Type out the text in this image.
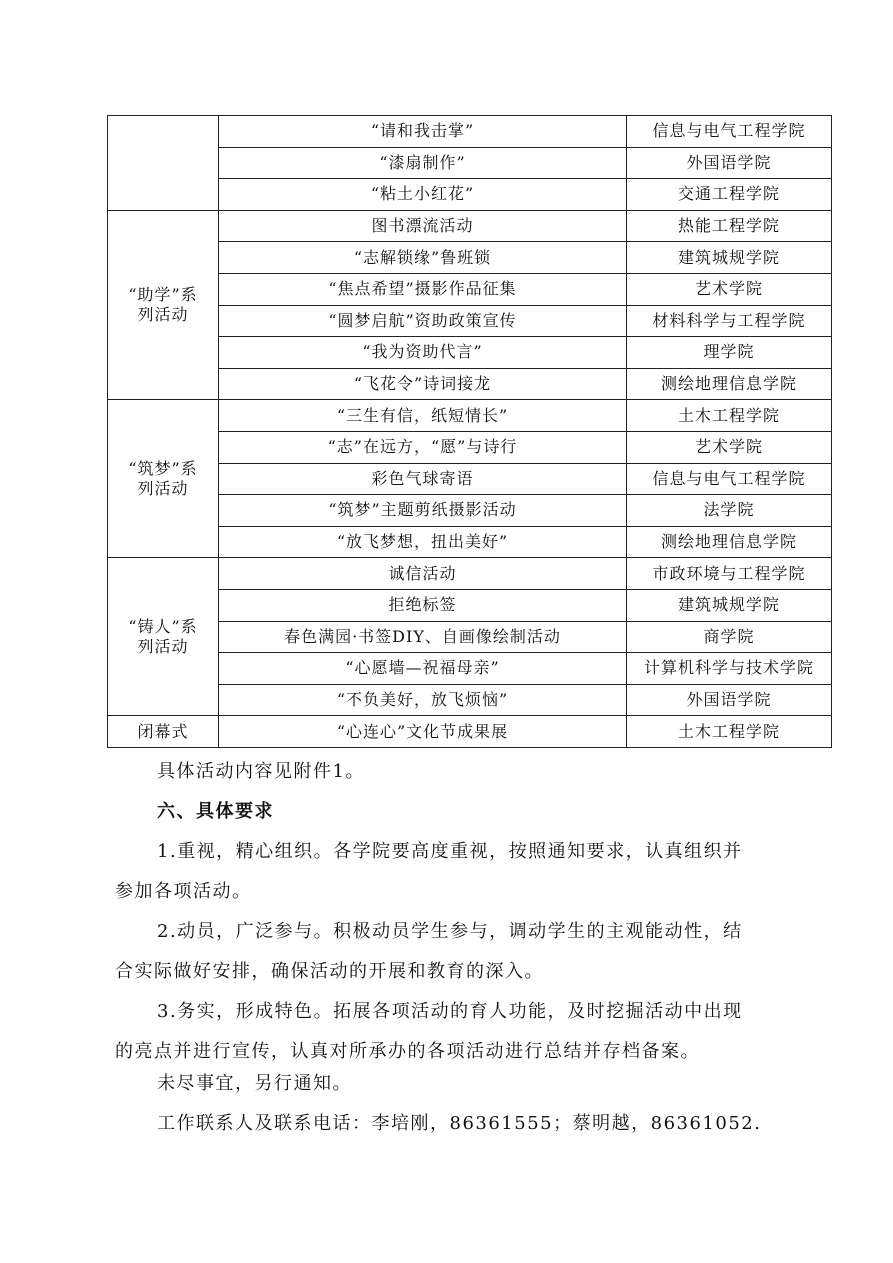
	“请和我击掌”	信息与电气工程学院
	“漆扇制作”	外国语学院
	“粘土小红花”	交通工程学院
“助学”系列活动	图书漂流活动	热能工程学院
	“志解锁缘”鲁班锁	建筑城规学院
	“焦点希望”摄影作品征集	艺术学院
	“圆梦启航”资助政策宣传	材料科学与工程学院
	“我为资助代言”	理学院
	“飞花令”诗词接龙	测绘地理信息学院
“筑梦”系列活动	“三生有信，纸短情长”	土木工程学院
	“志”在远方，“愿”与诗行	艺术学院
	彩色气球寄语	信息与电气工程学院
	“筑梦”主题剪纸摄影活动	法学院
	“放飞梦想，扭出美好”	测绘地理信息学院
“铸人”系列活动	诚信活动	市政环境与工程学院
	拒绝标签	建筑城规学院
	春色满园·书签DIY、自画像绘制活动	商学院
	“心愿墙—祝福母亲”	计算机科学与技术学院
	“不负美好，放飞烦恼”	外国语学院
闭幕式	“心连心”文化节成果展	土木工程学院
具体活动内容见附件1。
六、具体要求
1.重视，精心组织。各学院要高度重视，按照通知要求，认真组织并
参加各项活动。
2.动员，广泛参与。积极动员学生参与，调动学生的主观能动性，结
合实际做好安排，确保活动的开展和教育的深入。
3.务实，形成特色。拓展各项活动的育人功能，及时挖掘活动中出现
的亮点并进行宣传，认真对所承办的各项活动进行总结并存档备案。
未尽事宜，另行通知。
工作联系人及联系电话：李培刚，86361555；蔡明越，86361052.
